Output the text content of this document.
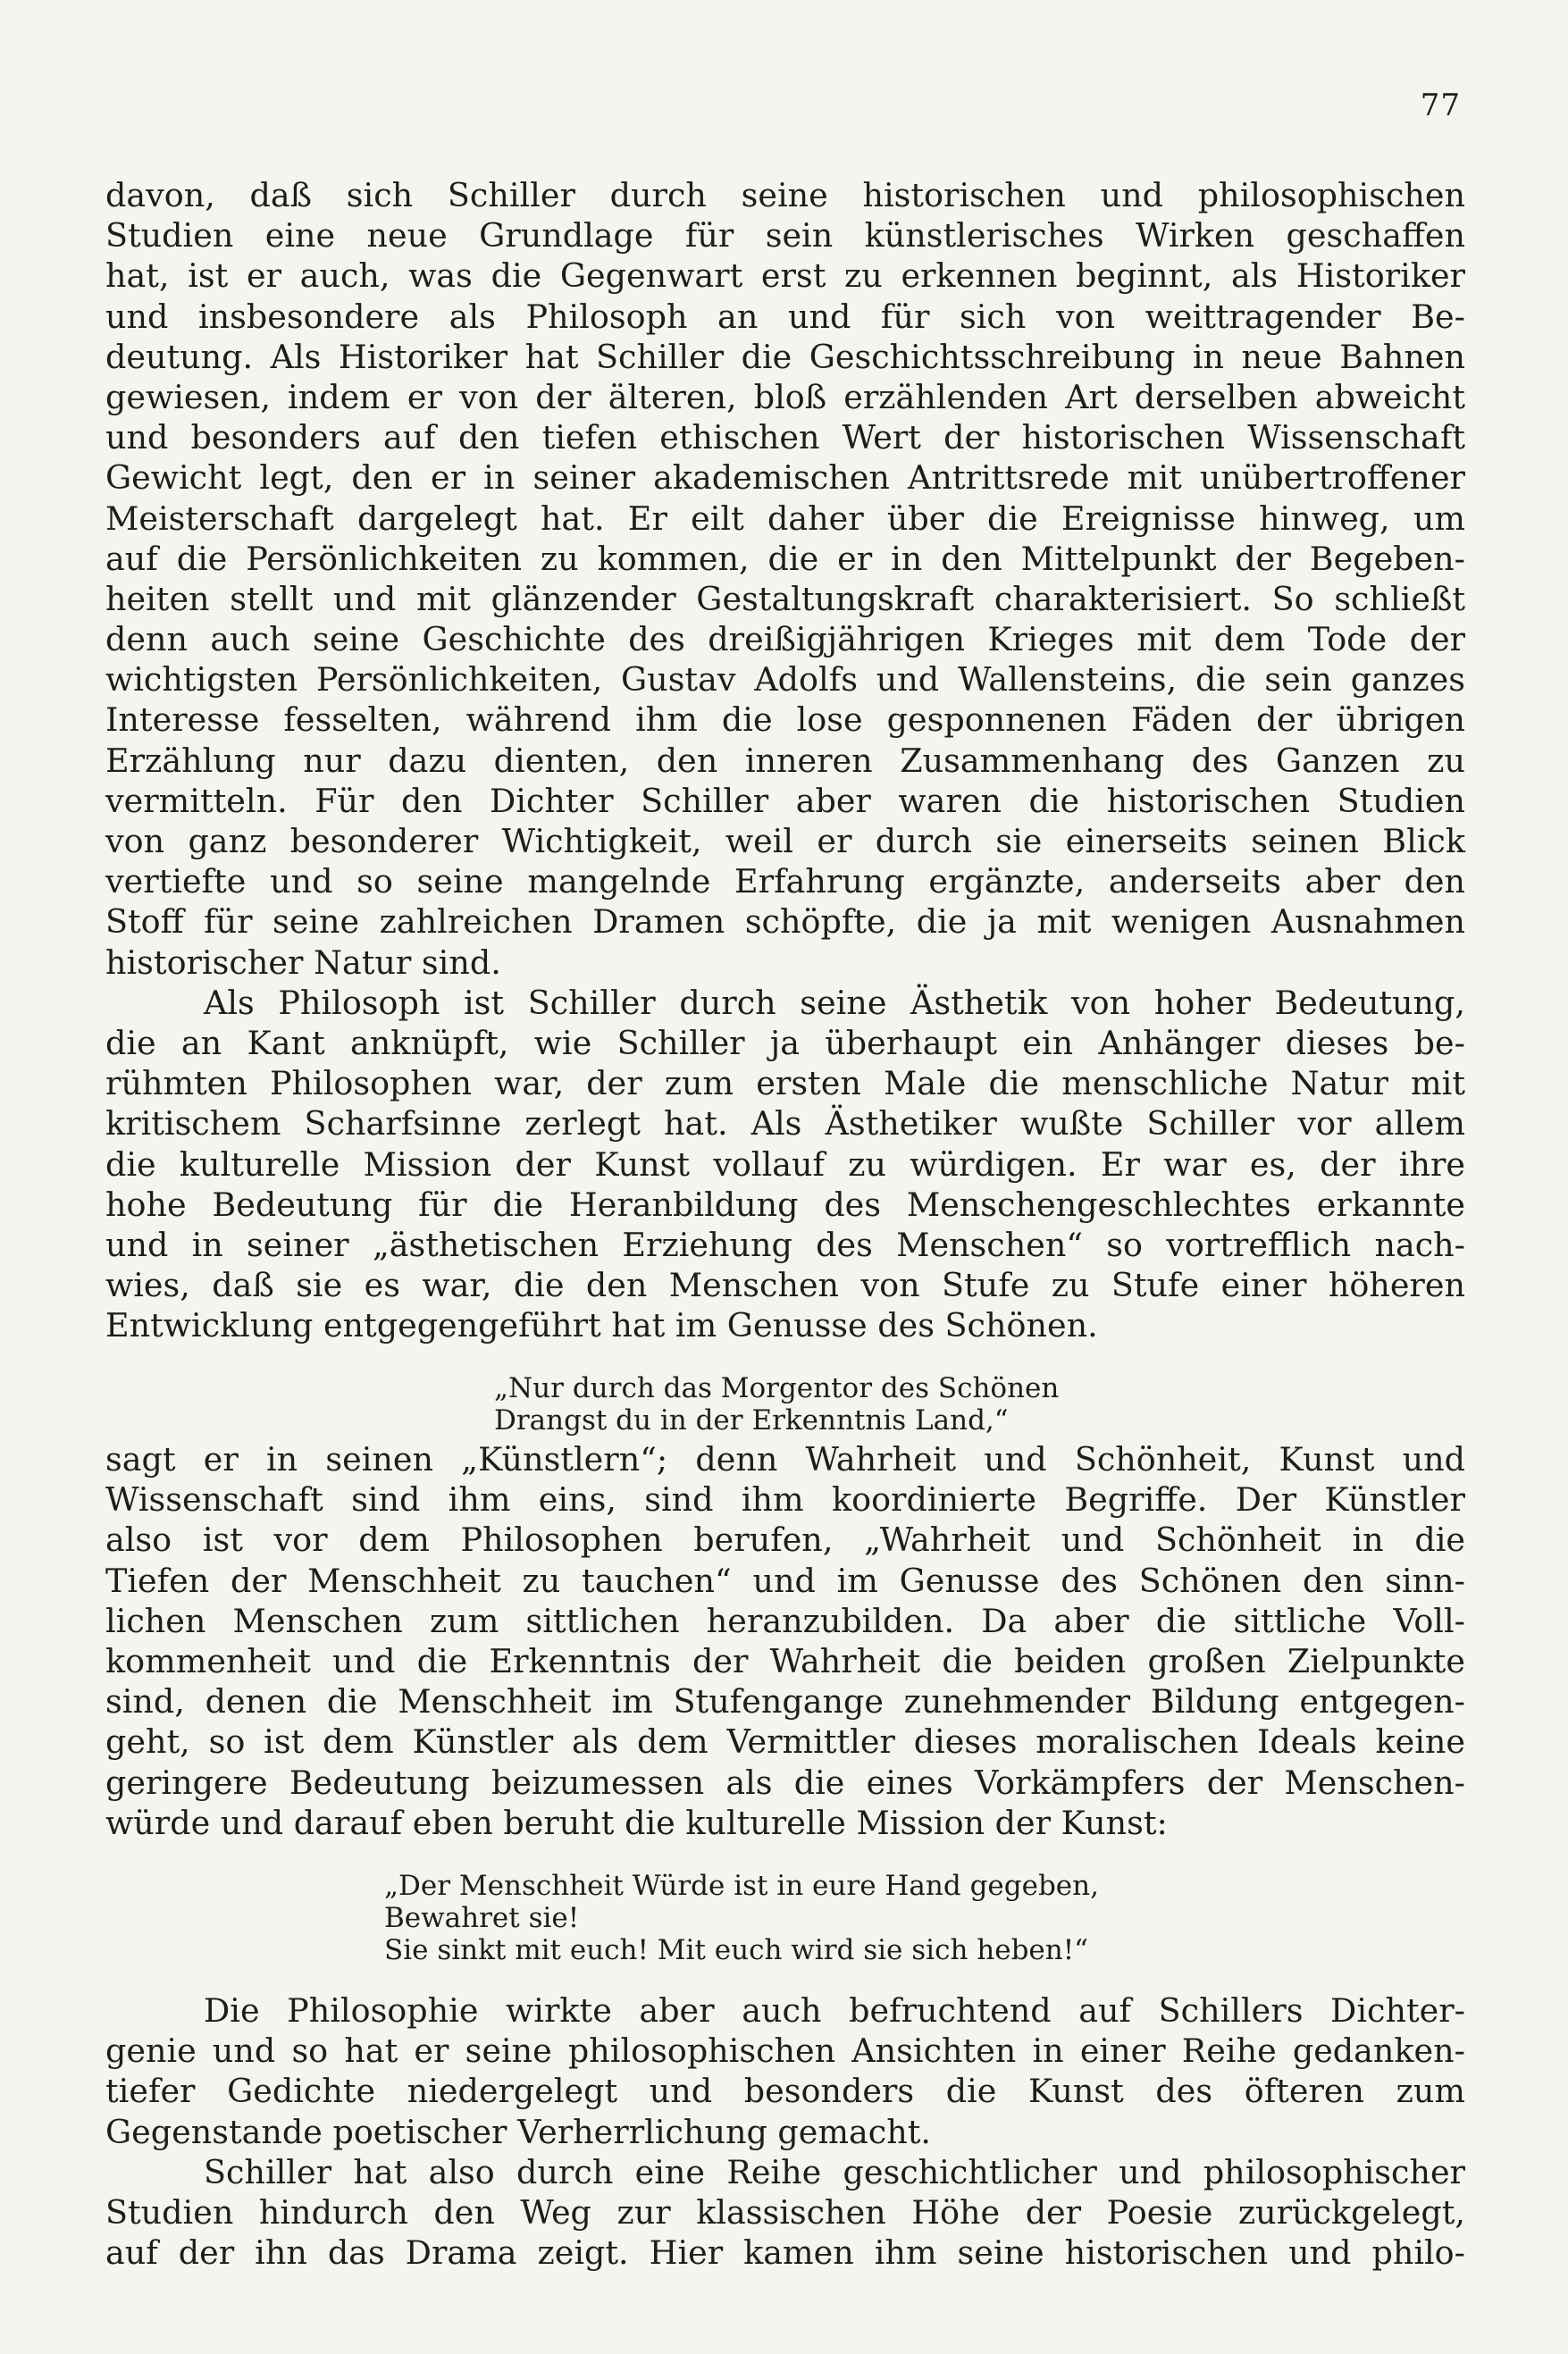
77
davon, daß sich Schiller durch seine historischen und philosophischen
Studien eine neue Grundlage für sein künstlerisches Wirken geschaffen
hat, ist er auch, was die Gegenwart erst zu erkennen beginnt, als Historiker
und insbesondere als Philosoph an und für sich von weittragender Be-
deutung. Als Historiker hat Schiller die Geschichtsschreibung in neue Bahnen
gewiesen, indem er von der älteren, bloß erzählenden Art derselben abweicht
und besonders auf den tiefen ethischen Wert der historischen Wissenschaft
Gewicht legt, den er in seiner akademischen Antrittsrede mit unübertroffener
Meisterschaft dargelegt hat. Er eilt daher über die Ereignisse hinweg, um
auf die Persönlichkeiten zu kommen, die er in den Mittelpunkt der Begeben-
heiten stellt und mit glänzender Gestaltungskraft charakterisiert. So schließt
denn auch seine Geschichte des dreißigjährigen Krieges mit dem Tode der
wichtigsten Persönlichkeiten, Gustav Adolfs und Wallensteins, die sein ganzes
Interesse fesselten, während ihm die lose gesponnenen Fäden der übrigen
Erzählung nur dazu dienten, den inneren Zusammenhang des Ganzen zu
vermitteln. Für den Dichter Schiller aber waren die historischen Studien
von ganz besonderer Wichtigkeit, weil er durch sie einerseits seinen Blick
vertiefte und so seine mangelnde Erfahrung ergänzte, anderseits aber den
Stoff für seine zahlreichen Dramen schöpfte, die ja mit wenigen Ausnahmen
historischer Natur sind.
Als Philosoph ist Schiller durch seine Ästhetik von hoher Bedeutung,
die an Kant anknüpft, wie Schiller ja überhaupt ein Anhänger dieses be-
rühmten Philosophen war, der zum ersten Male die menschliche Natur mit
kritischem Scharfsinne zerlegt hat. Als Ästhetiker wußte Schiller vor allem
die kulturelle Mission der Kunst vollauf zu würdigen. Er war es, der ihre
hohe Bedeutung für die Heranbildung des Menschengeschlechtes erkannte
und in seiner „ästhetischen Erziehung des Menschen“ so vortrefflich nach-
wies, daß sie es war, die den Menschen von Stufe zu Stufe einer höheren
Entwicklung entgegengeführt hat im Genusse des Schönen.
„Nur durch das Morgentor des Schönen
Drangst du in der Erkenntnis Land,“
sagt er in seinen „Künstlern“; denn Wahrheit und Schönheit, Kunst und
Wissenschaft sind ihm eins, sind ihm koordinierte Begriffe. Der Künstler
also ist vor dem Philosophen berufen, „Wahrheit und Schönheit in die
Tiefen der Menschheit zu tauchen“ und im Genusse des Schönen den sinn-
lichen Menschen zum sittlichen heranzubilden. Da aber die sittliche Voll-
kommenheit und die Erkenntnis der Wahrheit die beiden großen Zielpunkte
sind, denen die Menschheit im Stufengange zunehmender Bildung entgegen-
geht, so ist dem Künstler als dem Vermittler dieses moralischen Ideals keine
geringere Bedeutung beizumessen als die eines Vorkämpfers der Menschen-
würde und darauf eben beruht die kulturelle Mission der Kunst:
„Der Menschheit Würde ist in eure Hand gegeben,
Bewahret sie!
Sie sinkt mit euch! Mit euch wird sie sich heben!“
Die Philosophie wirkte aber auch befruchtend auf Schillers Dichter-
genie und so hat er seine philosophischen Ansichten in einer Reihe gedanken-
tiefer Gedichte niedergelegt und besonders die Kunst des öfteren zum
Gegenstande poetischer Verherrlichung gemacht.
Schiller hat also durch eine Reihe geschichtlicher und philosophischer
Studien hindurch den Weg zur klassischen Höhe der Poesie zurückgelegt,
auf der ihn das Drama zeigt. Hier kamen ihm seine historischen und philo-
